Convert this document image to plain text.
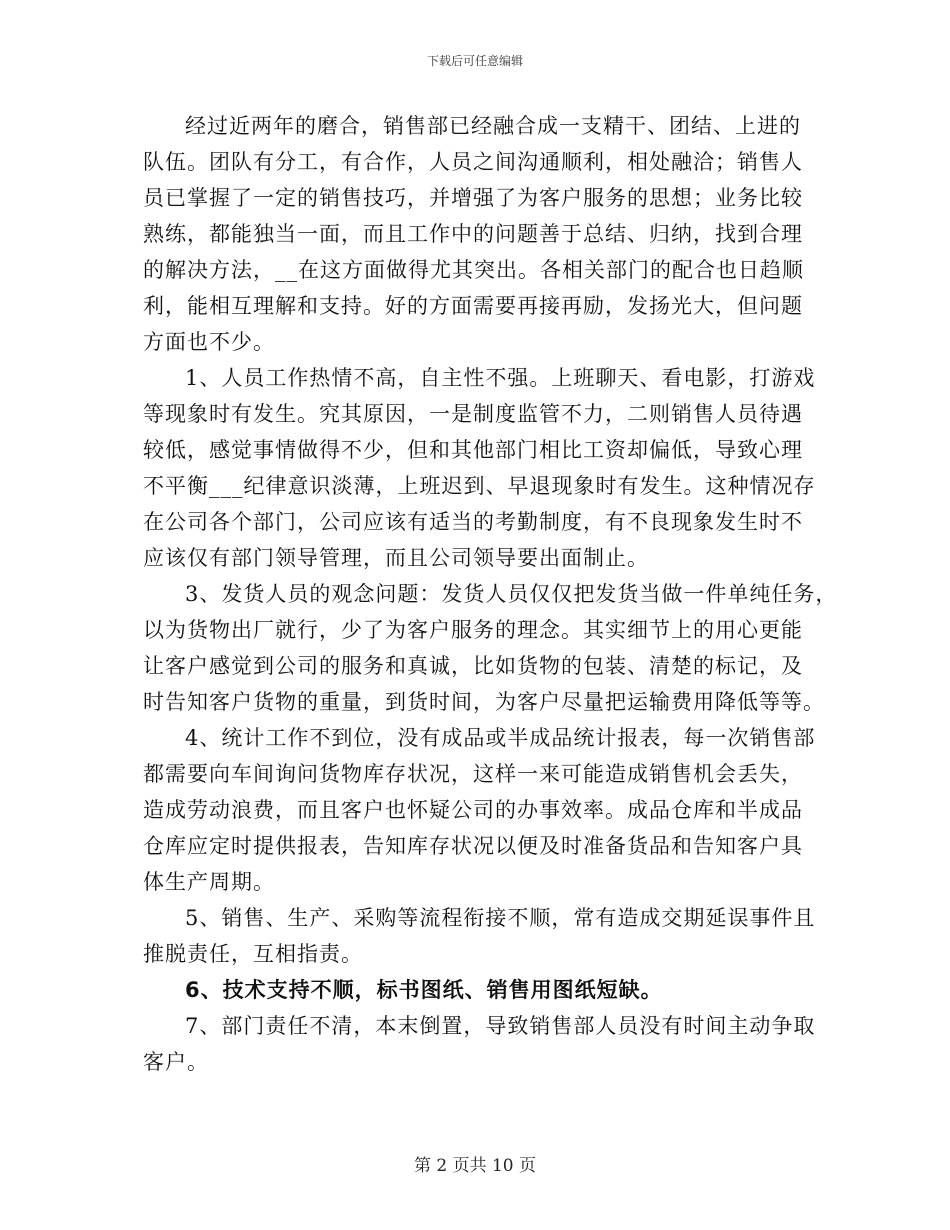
下载后可任意编辑

经过近两年的磨合，销售部已经融合成一支精干、团结、上进的
队伍。团队有分工，有合作，人员之间沟通顺利，相处融洽；销售人
员已掌握了一定的销售技巧，并增强了为客户服务的思想；业务比较
熟练，都能独当一面，而且工作中的问题善于总结、归纳，找到合理
的解决方法，__在这方面做得尤其突出。各相关部门的配合也日趋顺
利，能相互理解和支持。好的方面需要再接再励，发扬光大，但问题
方面也不少。

1、人员工作热情不高，自主性不强。上班聊天、看电影，打游戏
等现象时有发生。究其原因，一是制度监管不力，二则销售人员待遇
较低，感觉事情做得不少，但和其他部门相比工资却偏低，导致心理
不平衡___纪律意识淡薄，上班迟到、早退现象时有发生。这种情况存
在公司各个部门，公司应该有适当的考勤制度，有不良现象发生时不
应该仅有部门领导管理，而且公司领导要出面制止。

3、发货人员的观念问题：发货人员仅仅把发货当做一件单纯任务，
以为货物出厂就行，少了为客户服务的理念。其实细节上的用心更能
让客户感觉到公司的服务和真诚，比如货物的包装、清楚的标记，及
时告知客户货物的重量，到货时间，为客户尽量把运输费用降低等等。

4、统计工作不到位，没有成品或半成品统计报表，每一次销售部
都需要向车间询问货物库存状况，这样一来可能造成销售机会丢失，
造成劳动浪费，而且客户也怀疑公司的办事效率。成品仓库和半成品
仓库应定时提供报表，告知库存状况以便及时准备货品和告知客户具
体生产周期。

5、销售、生产、采购等流程衔接不顺，常有造成交期延误事件且
推脱责任，互相指责。

6、技术支持不顺，标书图纸、销售用图纸短缺。

7、部门责任不清，本末倒置，导致销售部人员没有时间主动争取
客户。

第 2 页共 10 页
